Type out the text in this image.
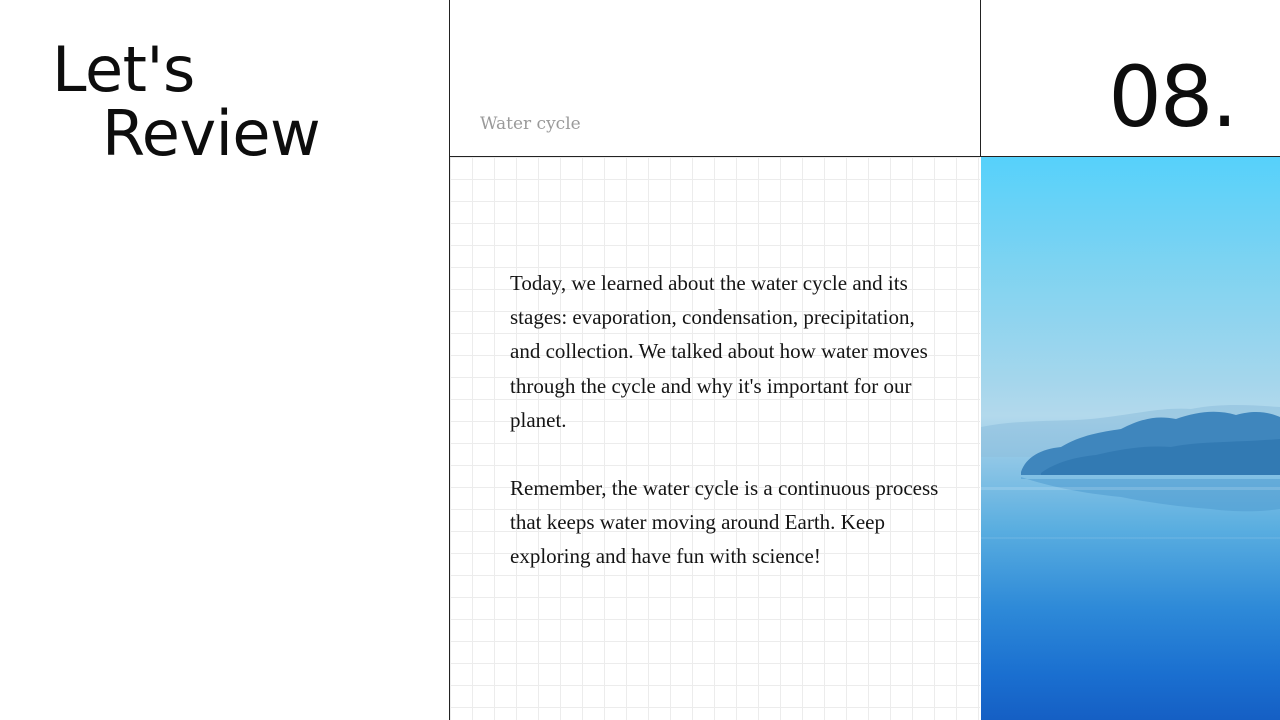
Let's

Review	Water cycle	08.

Today, we learned about the water cycle and its stages: evaporation, condensation, precipitation, and collection. We talked about how water moves through the cycle and why it's important for our planet.

Remember, the water cycle is a continuous process that keeps water moving around Earth. Keep exploring and have fun with science!
